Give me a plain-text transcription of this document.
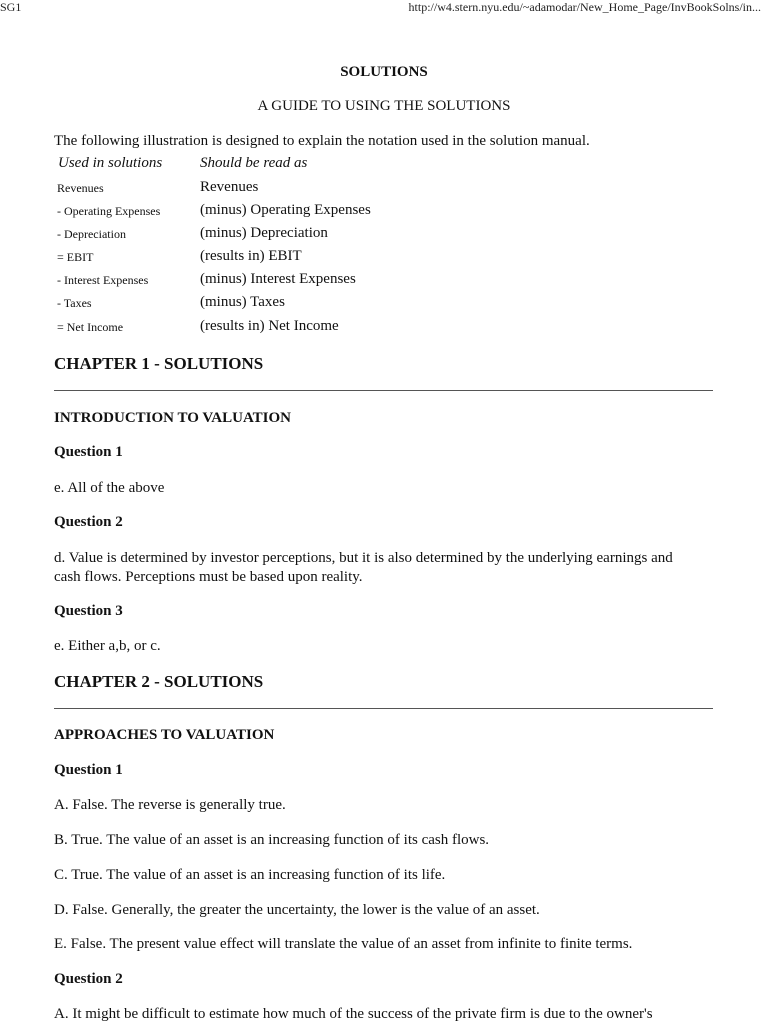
SG1	http://w4.stern.nyu.edu/~adamodar/New_Home_Page/InvBookSolns/in...
SOLUTIONS
A GUIDE TO USING THE SOLUTIONS
The following illustration is designed to explain the notation used in the solution manual.
Used in solutions	Should be read as
Revenues	Revenues
- Operating Expenses	(minus) Operating Expenses
- Depreciation	(minus) Depreciation
= EBIT	(results in) EBIT
- Interest Expenses	(minus) Interest Expenses
- Taxes	(minus) Taxes
= Net Income	(results in) Net Income
CHAPTER 1 - SOLUTIONS
INTRODUCTION TO VALUATION
Question 1
e. All of the above
Question 2
d. Value is determined by investor perceptions, but it is also determined by the underlying earnings and
cash flows. Perceptions must be based upon reality.
Question 3
e. Either a,b, or c.
CHAPTER 2 - SOLUTIONS
APPROACHES TO VALUATION
Question 1
A. False. The reverse is generally true.
B. True. The value of an asset is an increasing function of its cash flows.
C. True. The value of an asset is an increasing function of its life.
D. False. Generally, the greater the uncertainty, the lower is the value of an asset.
E. False. The present value effect will translate the value of an asset from infinite to finite terms.
Question 2
A. It might be difficult to estimate how much of the success of the private firm is due to the owner's
